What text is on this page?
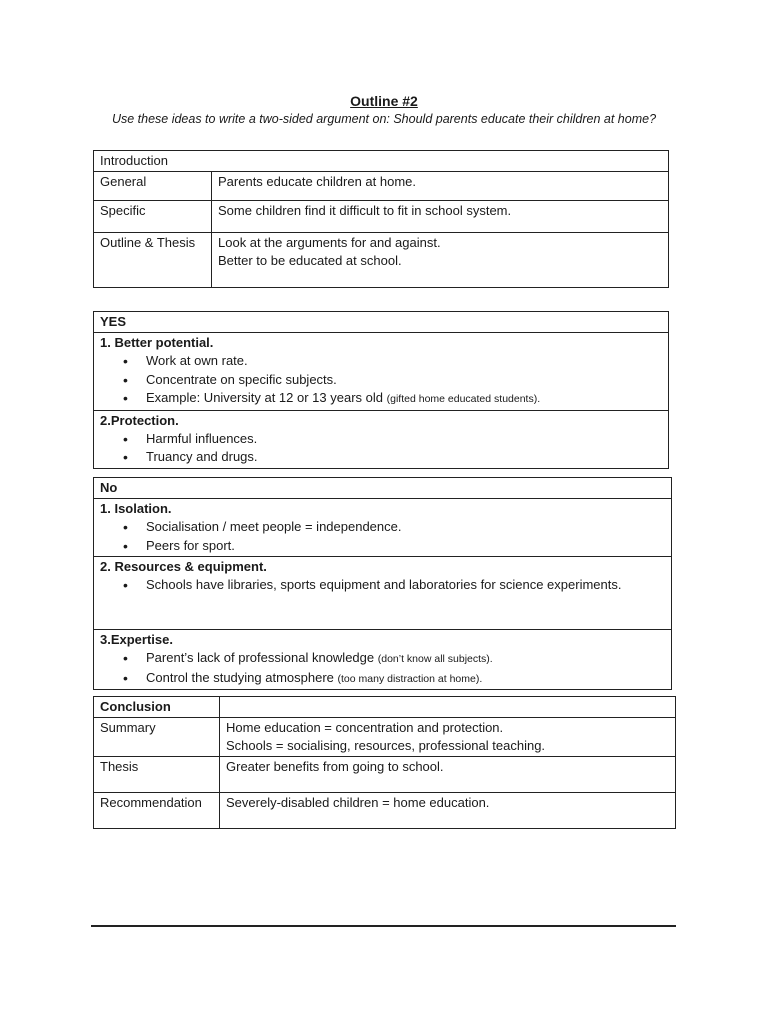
Outline #2
Use these ideas to write a two-sided argument on: Should parents educate their children at home?
Introduction	
General	Parents educate children at home.
Specific	Some children find it difficult to fit in school system.
Outline & Thesis	Look at the arguments for and against.
Better to be educated at school.
YES

1. Better potential.
• Work at own rate.
• Concentrate on specific subjects.
• Example: University at 12 or 13 years old (gifted home educated students).

2.Protection.
• Harmful influences.
• Truancy and drugs.
No

1. Isolation.
• Socialisation / meet people = independence.
• Peers for sport.

2. Resources & equipment.
• Schools have libraries, sports equipment and laboratories for science experiments.

3.Expertise.
• Parent’s lack of professional knowledge (don’t know all subjects).
• Control the studying atmosphere (too many distraction at home).
Conclusion	
Summary	Home education = concentration and protection.
Schools = socialising, resources, professional teaching.

Thesis	Greater benefits from going to school.
Recommendation	Severely-disabled children = home education.
